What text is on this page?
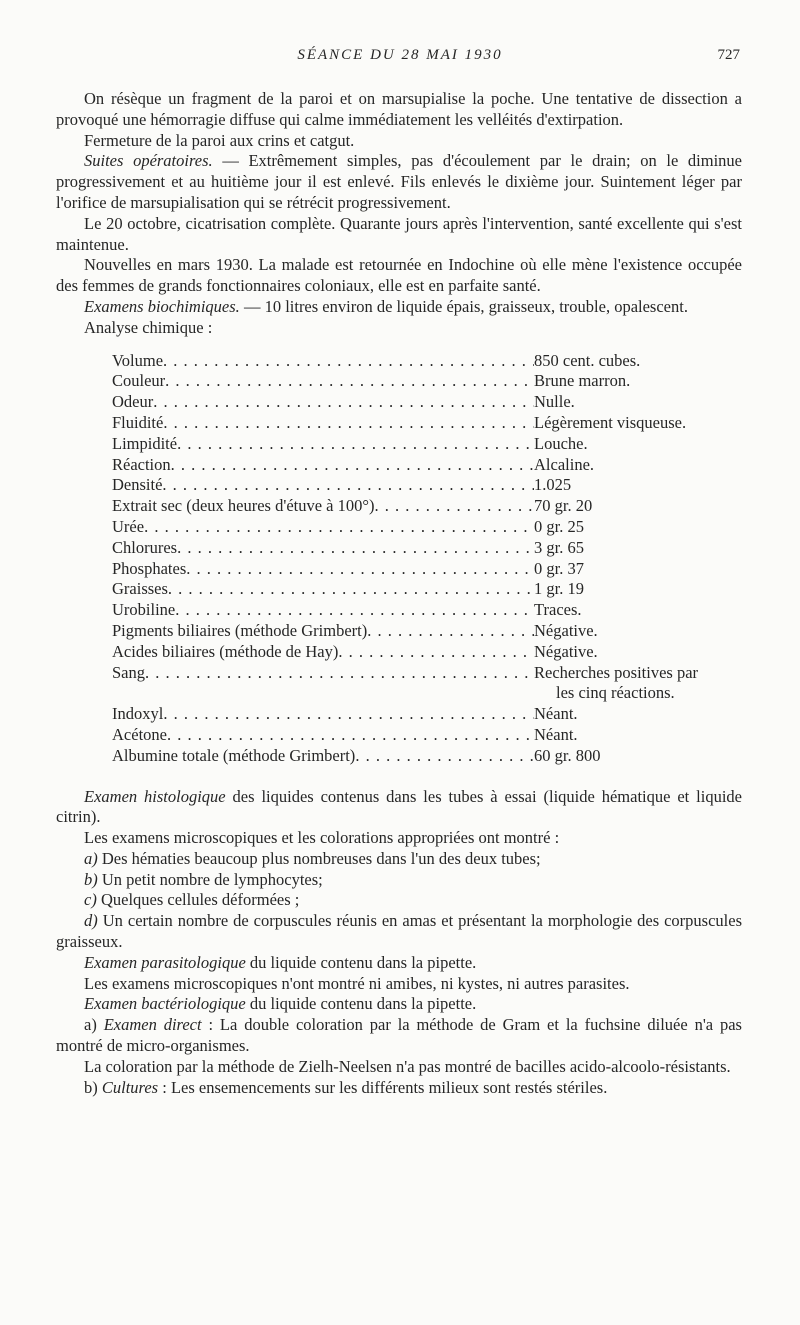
SÉANCE DU 28 MAI 1930	727

On résèque un fragment de la paroi et on marsupialise la poche. Une tentative de dissection a provoqué une hémorragie diffuse qui calme immédiatement les velléités d'extirpation.

Fermeture de la paroi aux crins et catgut.

Suites opératoires. — Extrêmement simples, pas d'écoulement par le drain; on le diminue progressivement et au huitième jour il est enlevé. Fils enlevés le dixième jour. Suintement léger par l'orifice de marsupialisation qui se rétrécit progressivement.

Le 20 octobre, cicatrisation complète. Quarante jours après l'intervention, santé excellente qui s'est maintenue.

Nouvelles en mars 1930. La malade est retournée en Indochine où elle mène l'existence occupée des femmes de grands fonctionnaires coloniaux, elle est en parfaite santé.

Examens biochimiques. — 10 litres environ de liquide épais, graisseux, trouble, opalescent.

Analyse chimique :

Volume . . .	850 cent. cubes.
Couleur . . .	Brune marron.
Odeur . . .	Nulle.
Fluidité . . .	Légèrement visqueuse.
Limpidité . . .	Louche.
Réaction . . .	Alcaline.
Densité . . .	1.025
Extrait sec (deux heures d'étuve à 100°) . . .	70 gr. 20
Urée . . .	0 gr. 25
Chlorures . . .	3 gr. 65
Phosphates . . .	0 gr. 37
Graisses . . .	1 gr. 19
Urobiline . . .	Traces.
Pigments biliaires (méthode Grimbert) . . .	Négative.
Acides biliaires (méthode de Hay) . . .	Négative.
Sang . . .	Recherches positives par
les cinq réactions.
Indoxyl . . .	Néant.
Acétone . . .	Néant.
Albumine totale (méthode Grimbert) . . .	60 gr. 800

Examen histologique des liquides contenus dans les tubes à essai (liquide hématique et liquide citrin).

Les examens microscopiques et les colorations appropriées ont montré :

a) Des hématies beaucoup plus nombreuses dans l'un des deux tubes;

b) Un petit nombre de lymphocytes;

c) Quelques cellules déformées ;

d) Un certain nombre de corpuscules réunis en amas et présentant la morphologie des corpuscules graisseux.

Examen parasitologique du liquide contenu dans la pipette.

Les examens microscopiques n'ont montré ni amibes, ni kystes, ni autres parasites.

Examen bactériologique du liquide contenu dans la pipette.

a) Examen direct : La double coloration par la méthode de Gram et la fuchsine diluée n'a pas montré de micro-organismes.

La coloration par la méthode de Zielh-Neelsen n'a pas montré de bacilles acido-alcoolo-résistants.

b) Cultures : Les ensemencements sur les différents milieux sont restés stériles.
